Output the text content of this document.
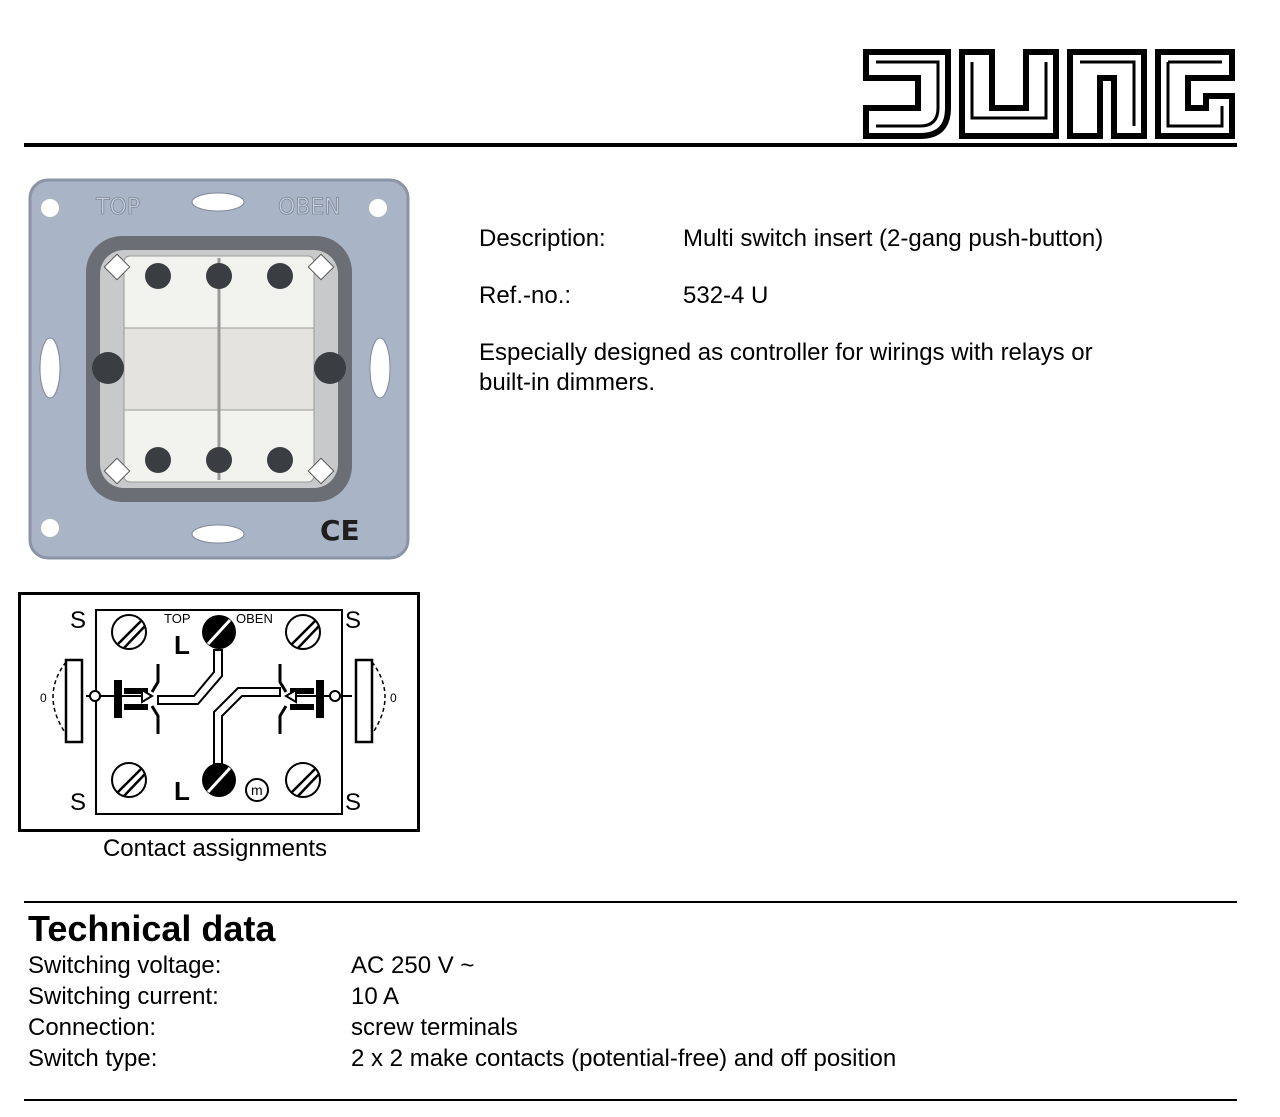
TOP	OBEN
CE
Description:	Multi switch insert (2-gang push-button)
Ref.-no.:	532-4 U
Especially designed as controller for wirings with relays or
built-in dimmers.
S	S
S	S
TOP	OBEN
L
L
0	0
m
Contact assignments
Technical data
Switching voltage:	AC 250 V ~
Switching current:	10 A
Connection:	screw terminals
Switch type:	2 x 2 make contacts (potential-free) and off position
